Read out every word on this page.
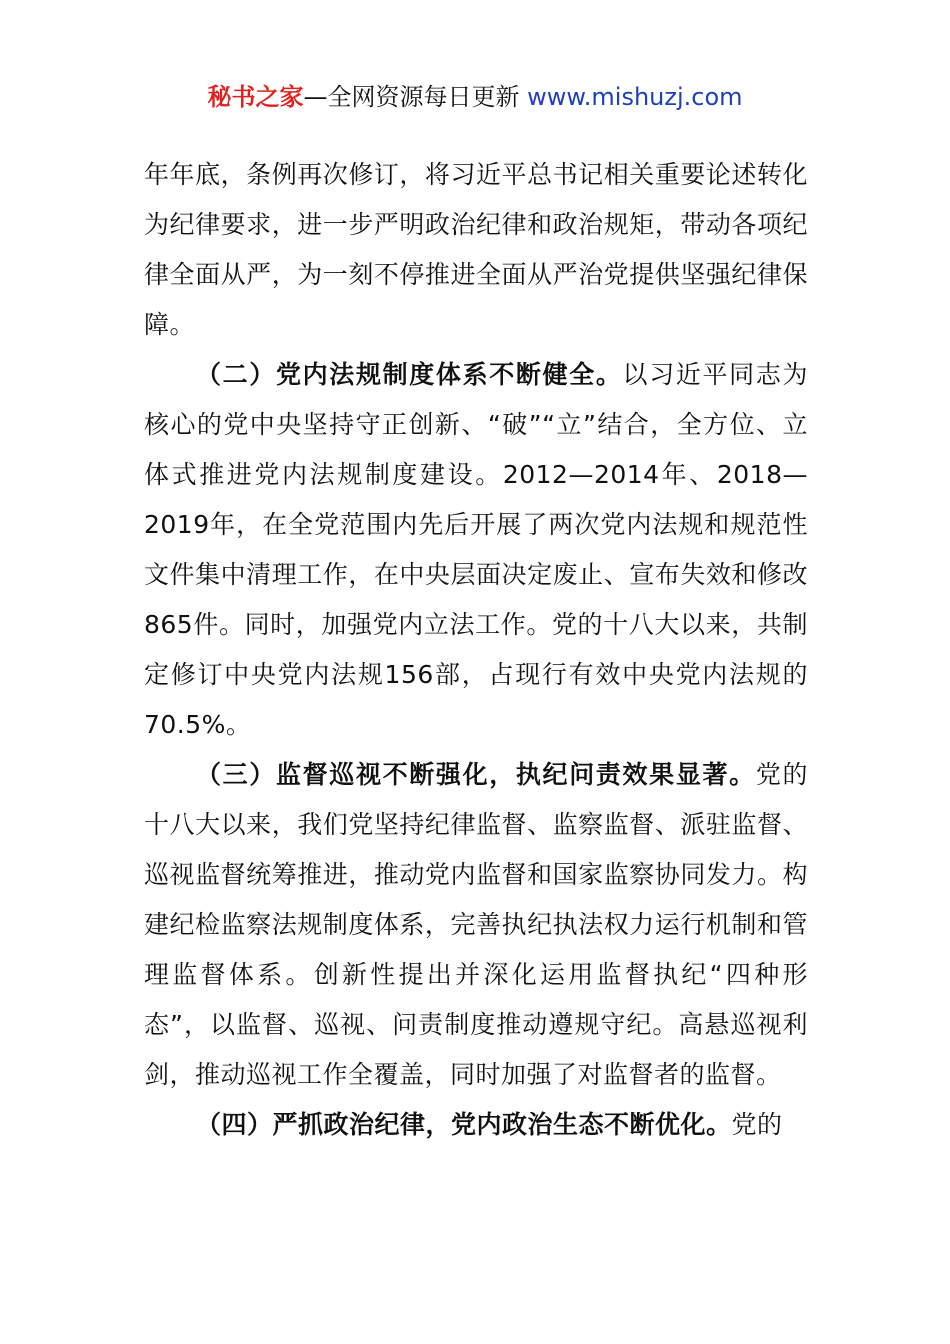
秘书之家—全网资源每日更新 www.mishuzj.com

年年底，条例再次修订，将习近平总书记相关重要论述转化为纪律要求，进一步严明政治纪律和政治规矩，带动各项纪律全面从严，为一刻不停推进全面从严治党提供坚强纪律保障。

（二）党内法规制度体系不断健全。以习近平同志为核心的党中央坚持守正创新、“破”“立”结合，全方位、立体式推进党内法规制度建设。2012—2014年、2018—2019年，在全党范围内先后开展了两次党内法规和规范性文件集中清理工作，在中央层面决定废止、宣布失效和修改865件。同时，加强党内立法工作。党的十八大以来，共制定修订中央党内法规156部，占现行有效中央党内法规的70.5%。

（三）监督巡视不断强化，执纪问责效果显著。党的十八大以来，我们党坚持纪律监督、监察监督、派驻监督、巡视监督统筹推进，推动党内监督和国家监察协同发力。构建纪检监察法规制度体系，完善执纪执法权力运行机制和管理监督体系。创新性提出并深化运用监督执纪“四种形态”，以监督、巡视、问责制度推动遵规守纪。高悬巡视利剑，推动巡视工作全覆盖，同时加强了对监督者的监督。

（四）严抓政治纪律，党内政治生态不断优化。党的
